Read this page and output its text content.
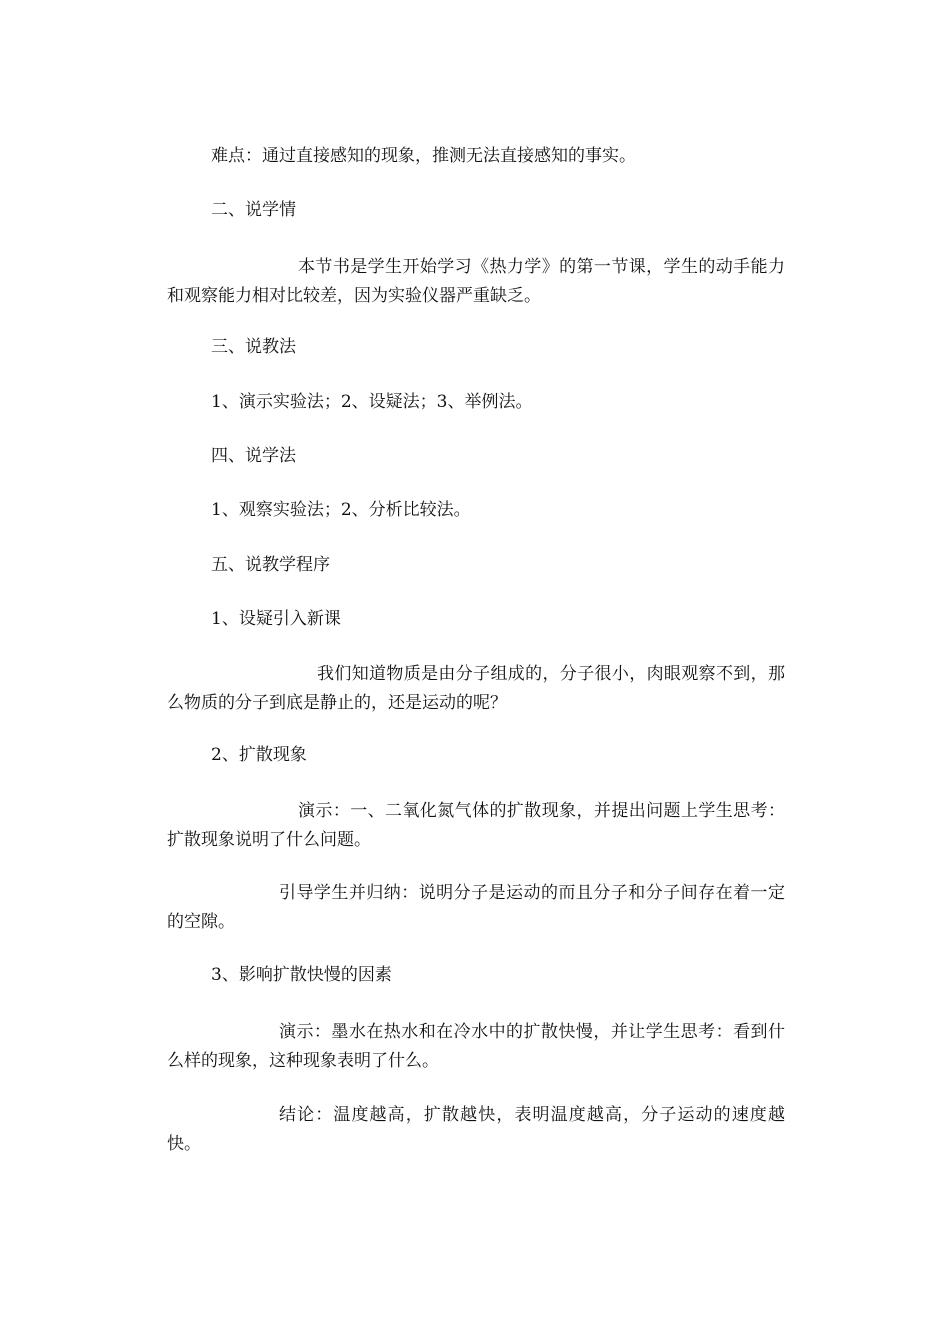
难点：通过直接感知的现象，推测无法直接感知的事实。

二、说学情

本节书是学生开始学习《热力学》的第一节课，学生的动手能力和观察能力相对比较差，因为实验仪器严重缺乏。

三、说教法

1、演示实验法；2、设疑法；3、举例法。

四、说学法

1、观察实验法；2、分析比较法。

五、说教学程序

1、设疑引入新课

我们知道物质是由分子组成的，分子很小，肉眼观察不到，那么物质的分子到底是静止的，还是运动的呢？

2、扩散现象

演示：一、二氧化氮气体的扩散现象，并提出问题上学生思考：扩散现象说明了什么问题。

引导学生并归纳：说明分子是运动的而且分子和分子间存在着一定的空隙。

3、影响扩散快慢的因素

演示：墨水在热水和在冷水中的扩散快慢，并让学生思考：看到什么样的现象，这种现象表明了什么。

结论：温度越高，扩散越快，表明温度越高，分子运动的速度越快。
